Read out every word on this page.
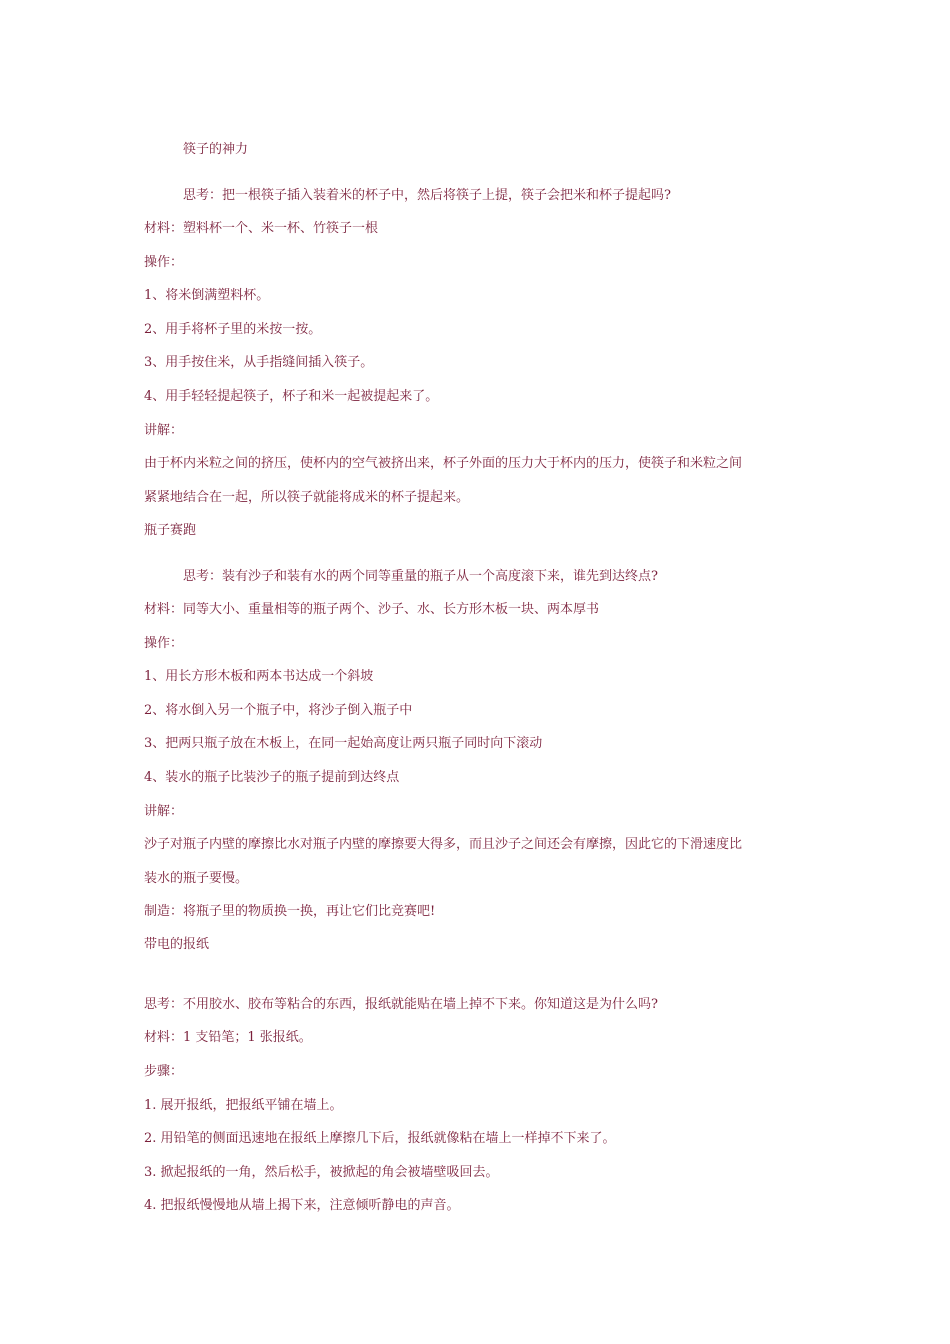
筷子的神力
思考：把一根筷子插入装着米的杯子中，然后将筷子上提，筷子会把米和杯子提起吗?
材料：塑料杯一个、米一杯、竹筷子一根
操作：
1、将米倒满塑料杯。
2、用手将杯子里的米按一按。
3、用手按住米，从手指缝间插入筷子。
4、用手轻轻提起筷子，杯子和米一起被提起来了。
讲解：
由于杯内米粒之间的挤压，使杯内的空气被挤出来，杯子外面的压力大于杯内的压力，使筷子和米粒之间
紧紧地结合在一起，所以筷子就能将成米的杯子提起来。
瓶子赛跑
思考：装有沙子和装有水的两个同等重量的瓶子从一个高度滚下来，谁先到达终点?
材料：同等大小、重量相等的瓶子两个、沙子、水、长方形木板一块、两本厚书
操作：
1、用长方形木板和两本书达成一个斜坡
2、将水倒入另一个瓶子中，将沙子倒入瓶子中
3、把两只瓶子放在木板上，在同一起始高度让两只瓶子同时向下滚动
4、装水的瓶子比装沙子的瓶子提前到达终点
讲解：
沙子对瓶子内壁的摩擦比水对瓶子内壁的摩擦要大得多，而且沙子之间还会有摩擦，因此它的下滑速度比
装水的瓶子要慢。
制造：将瓶子里的物质换一换，再让它们比竞赛吧!
带电的报纸
思考：不用胶水、胶布等粘合的东西，报纸就能贴在墙上掉不下来。你知道这是为什么吗?
材料：1 支铅笔；1 张报纸。
步骤：
1. 展开报纸，把报纸平铺在墙上。
2. 用铅笔的侧面迅速地在报纸上摩擦几下后，报纸就像粘在墙上一样掉不下来了。
3. 掀起报纸的一角，然后松手，被掀起的角会被墙壁吸回去。
4. 把报纸慢慢地从墙上揭下来，注意倾听静电的声音。
